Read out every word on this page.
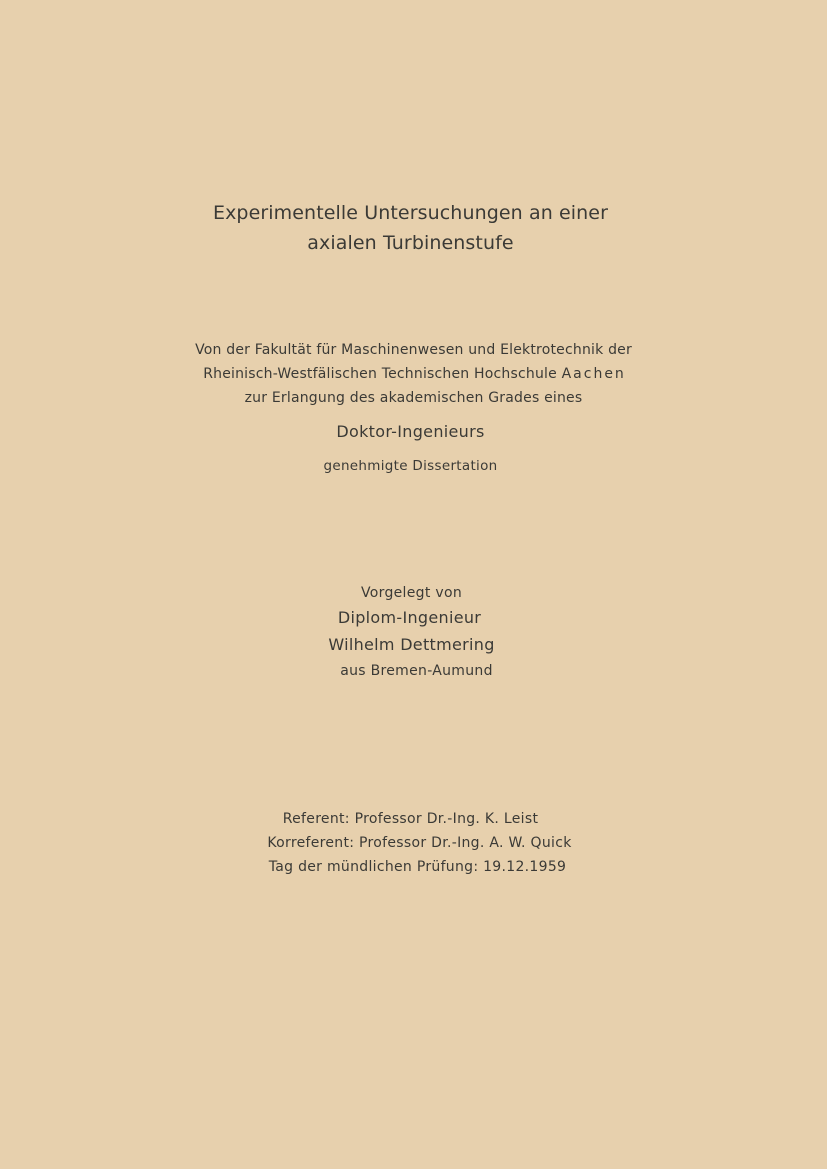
Experimentelle Untersuchungen an einer
axialen Turbinenstufe
Von der Fakultät für Maschinenwesen und Elektrotechnik der
Rheinisch-Westfälischen Technischen Hochschule Aachen
zur Erlangung des akademischen Grades eines
Doktor-Ingenieurs
genehmigte Dissertation
Vorgelegt von
Diplom-Ingenieur
Wilhelm Dettmering
aus Bremen-Aumund
Referent: Professor Dr.-Ing. K. Leist
Korreferent: Professor Dr.-Ing. A. W. Quick
Tag der mündlichen Prüfung: 19.12.1959
